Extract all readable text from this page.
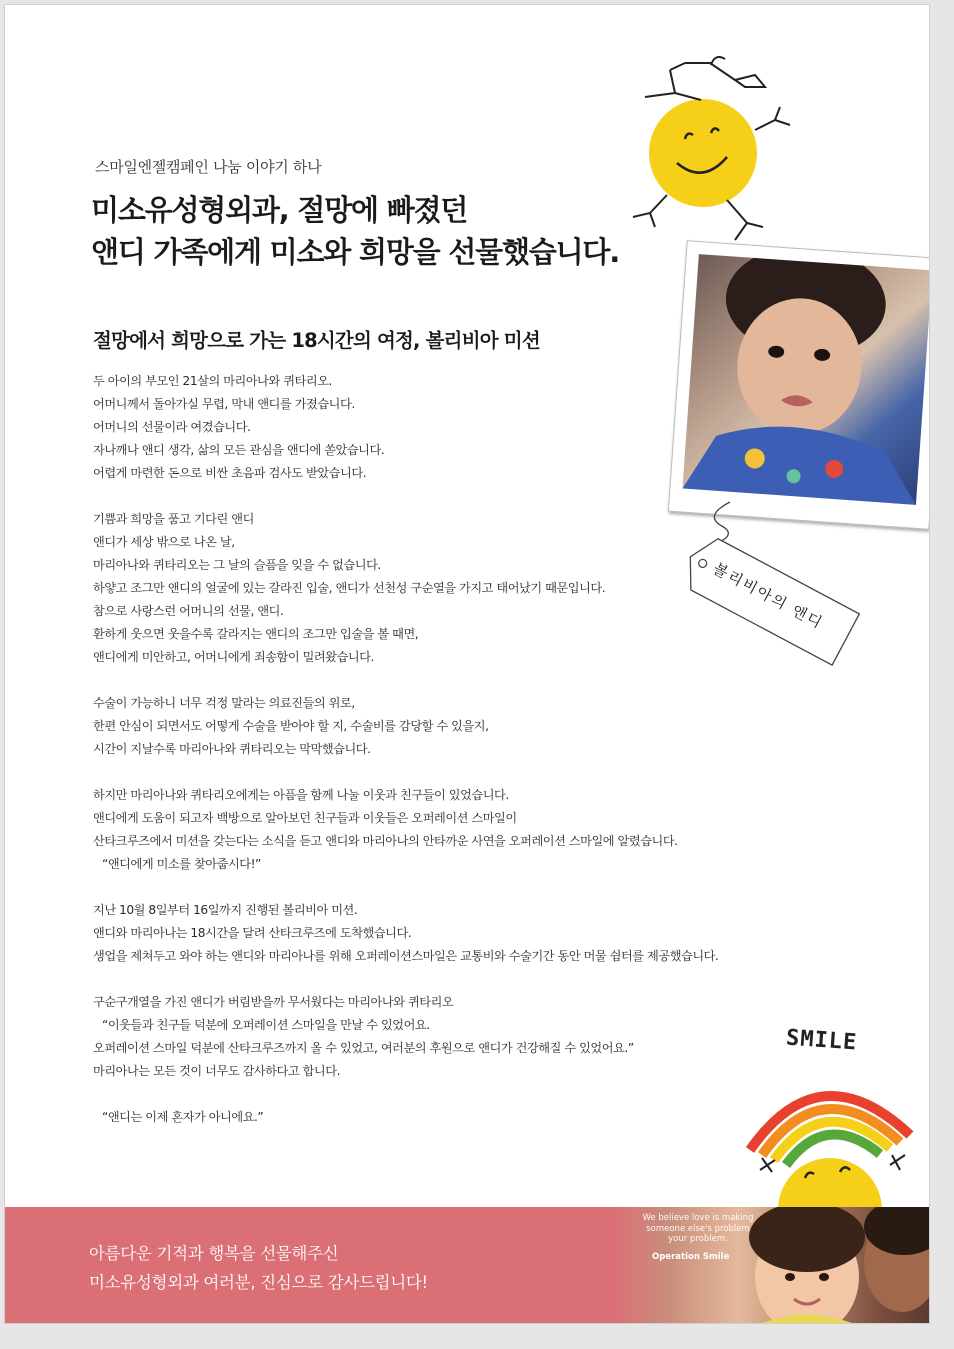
스마일엔젤캠페인 나눔 이야기 하나
미소유성형외과, 절망에 빠졌던
앤디 가족에게 미소와 희망을 선물했습니다.
절망에서 희망으로 가는 18시간의 여정, 볼리비아 미션
두 아이의 부모인 21살의 마리아나와 퀴타리오.
어머니께서 돌아가실 무렵, 막내 앤디를 가졌습니다.
어머니의 선물이라 여겼습니다.
자나깨나 앤디 생각, 삶의 모든 관심을 앤디에 쏟았습니다.
어렵게 마련한 돈으로 비싼 초음파 검사도 받았습니다.
기쁨과 희망을 품고 기다린 앤디
앤디가 세상 밖으로 나온 날,
마리아나와 퀴타리오는 그 날의 슬픔을 잊을 수 없습니다.
하얗고 조그만 앤디의 얼굴에 있는 갈라진 입술, 앤디가 선천성 구순열을 가지고 태어났기 때문입니다.
참으로 사랑스런 어머니의 선물, 앤디.
환하게 웃으면 웃을수록 갈라지는 앤디의 조그만 입술을 볼 때면,
앤디에게 미안하고, 어머니에게 죄송함이 밀려왔습니다.
수술이 가능하니 너무 걱정 말라는 의료진들의 위로,
한편 안심이 되면서도 어떻게 수술을 받아야 할 지, 수술비를 감당할 수 있을지,
시간이 지날수록 마리아나와 퀴타리오는 막막했습니다.
하지만 마리아나와 퀴타리오에게는 아픔을 함께 나눌 이웃과 친구들이 있었습니다.
앤디에게 도움이 되고자 백방으로 알아보던 친구들과 이웃들은 오퍼레이션 스마일이
산타크루즈에서 미션을 갖는다는 소식을 듣고 앤디와 마리아나의 안타까운 사연을 오퍼레이션 스마일에 알렸습니다.
“앤디에게 미소를 찾아줍시다!”
지난 10월 8일부터 16일까지 진행된 볼리비아 미션.
앤디와 마리아나는 18시간을 달려 산타크루즈에 도착했습니다.
생업을 제쳐두고 와야 하는 앤디와 마리아나를 위해 오퍼레이션스마일은 교통비와 수술기간 동안 머물 쉼터를 제공했습니다.
구순구개열을 가진 앤디가 버림받을까 무서웠다는 마리아나와 퀴타리오
“이웃들과 친구들 덕분에 오퍼레이션 스마일을 만날 수 있었어요.
오퍼레이션 스마일 덕분에 산타크루즈까지 올 수 있었고, 여러분의 후원으로 앤디가 건강해질 수 있었어요.”
마리아나는 모든 것이 너무도 감사하다고 합니다.
“앤디는 이제 혼자가 아니에요.”
볼리비아의 앤디
SMILE
아름다운 기적과 행복을 선물해주신
미소유성형외과 여러분, 진심으로 감사드립니다!
We believe love is making
someone else's problem
your problem.
Operation Smile
